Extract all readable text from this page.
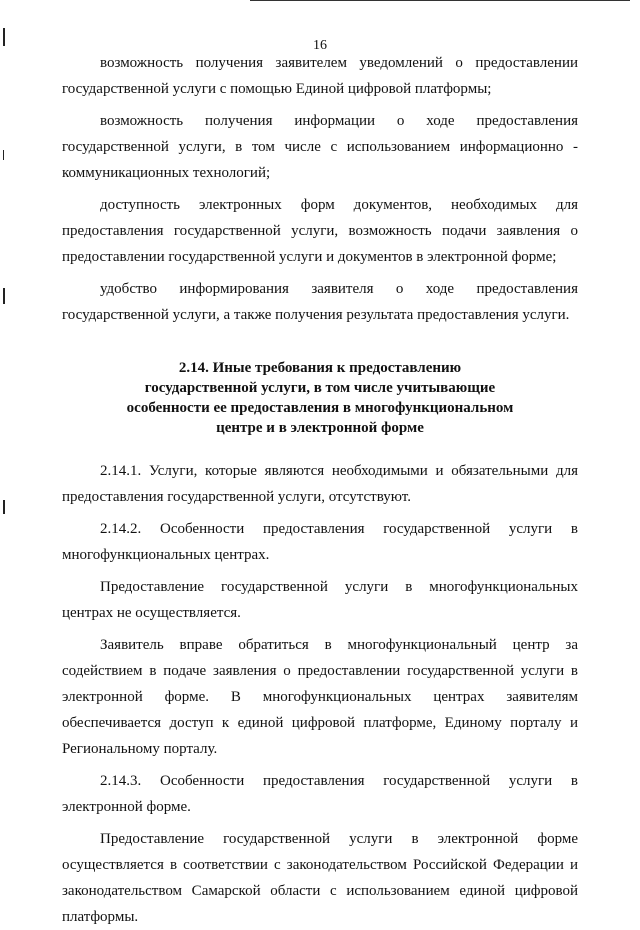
16

возможность получения заявителем уведомлений о предоставлении государственной услуги с помощью Единой цифровой платформы;

возможность получения информации о ходе предоставления государственной услуги, в том числе с использованием информационно - коммуникационных технологий;

доступность электронных форм документов, необходимых для предоставления государственной услуги, возможность подачи заявления о предоставлении государственной услуги и документов в электронной форме;

удобство информирования заявителя о ходе предоставления государственной услуги, а также получения результата предоставления услуги.

2.14. Иные требования к предоставлению
государственной услуги, в том числе учитывающие
особенности ее предоставления в многофункциональном
центре и в электронной форме

2.14.1. Услуги, которые являются необходимыми и обязательными для предоставления государственной услуги, отсутствуют.

2.14.2. Особенности предоставления государственной услуги в многофункциональных центрах.

Предоставление государственной услуги в многофункциональных центрах не осуществляется.

Заявитель вправе обратиться в многофункциональный центр за содействием в подаче заявления о предоставлении государственной услуги в электронной форме. В многофункциональных центрах заявителям обеспечивается доступ к единой цифровой платформе, Единому порталу и Региональному порталу.

2.14.3. Особенности предоставления государственной услуги в электронной форме.

Предоставление государственной услуги в электронной форме осуществляется в соответствии с законодательством Российской Федерации и законодательством Самарской области с использованием единой цифровой платформы.
